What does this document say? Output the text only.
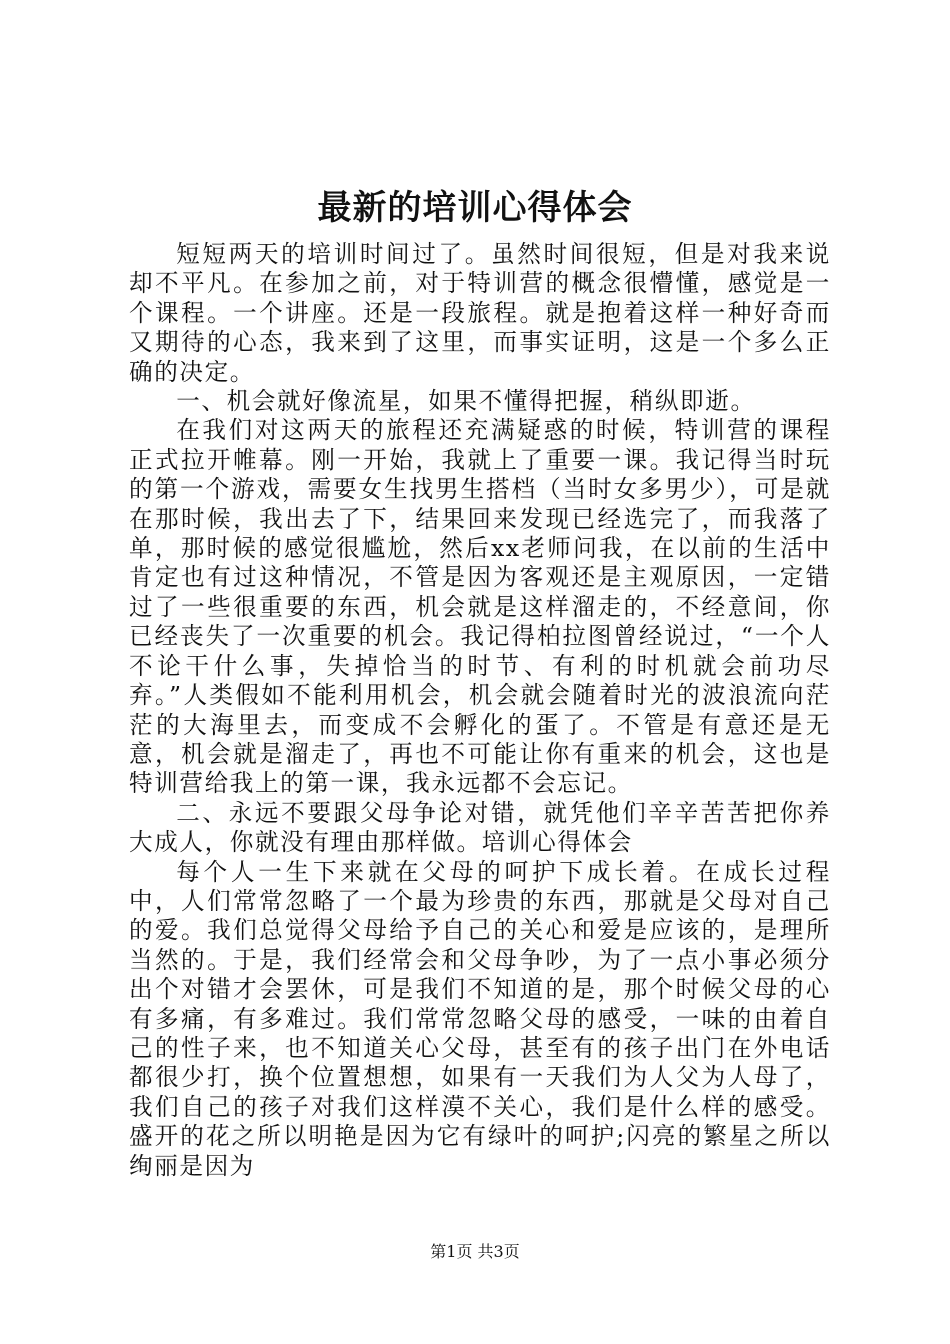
最新的培训心得体会

短短两天的培训时间过了。虽然时间很短，但是对我来说却不平凡。在参加之前，对于特训营的概念很懵懂，感觉是一个课程。一个讲座。还是一段旅程。就是抱着这样一种好奇而又期待的心态，我来到了这里，而事实证明，这是一个多么正确的决定。

一、机会就好像流星，如果不懂得把握，稍纵即逝。

在我们对这两天的旅程还充满疑惑的时候，特训营的课程正式拉开帷幕。刚一开始，我就上了重要一课。我记得当时玩的第一个游戏，需要女生找男生搭档（当时女多男少），可是就在那时候，我出去了下，结果回来发现已经选完了，而我落了单，那时候的感觉很尴尬，然后xx老师问我，在以前的生活中肯定也有过这种情况，不管是因为客观还是主观原因，一定错过了一些很重要的东西，机会就是这样溜走的，不经意间，你已经丧失了一次重要的机会。我记得柏拉图曾经说过，“一个人不论干什么事，失掉恰当的时节、有利的时机就会前功尽弃。”人类假如不能利用机会，机会就会随着时光的波浪流向茫茫的大海里去，而变成不会孵化的蛋了。不管是有意还是无意，机会就是溜走了，再也不可能让你有重来的机会，这也是特训营给我上的第一课，我永远都不会忘记。

二、永远不要跟父母争论对错，就凭他们辛辛苦苦把你养大成人，你就没有理由那样做。培训心得体会

每个人一生下来就在父母的呵护下成长着。在成长过程中，人们常常忽略了一个最为珍贵的东西，那就是父母对自己的爱。我们总觉得父母给予自己的关心和爱是应该的，是理所当然的。于是，我们经常会和父母争吵，为了一点小事必须分出个对错才会罢休，可是我们不知道的是，那个时候父母的心有多痛，有多难过。我们常常忽略父母的感受，一味的由着自己的性子来，也不知道关心父母，甚至有的孩子出门在外电话都很少打，换个位置想想，如果有一天我们为人父为人母了，我们自己的孩子对我们这样漠不关心，我们是什么样的感受。盛开的花之所以明艳是因为它有绿叶的呵护;闪亮的繁星之所以绚丽是因为

第1页 共3页
